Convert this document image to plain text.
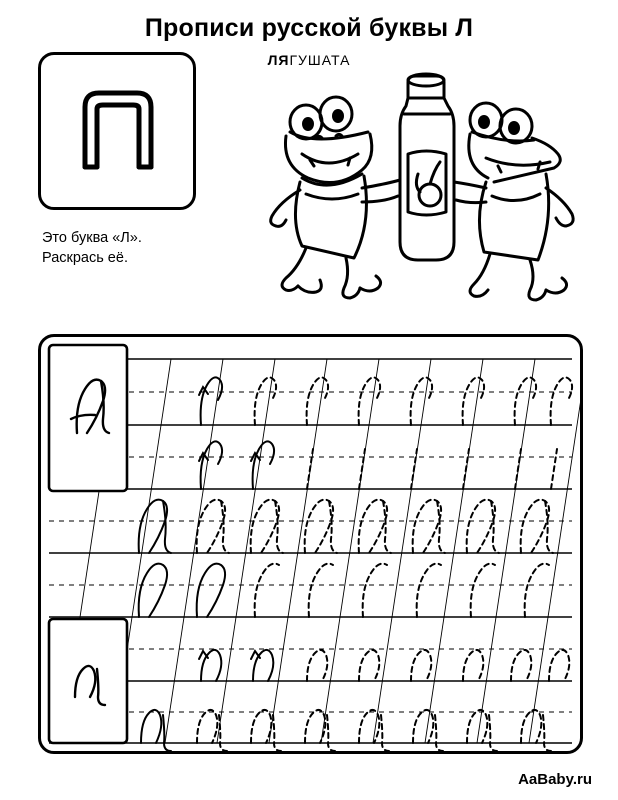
Прописи русской буквы Л
ЛЯГУШАТА
Это буква «Л».
Раскрась её.
AaBaby.ru
